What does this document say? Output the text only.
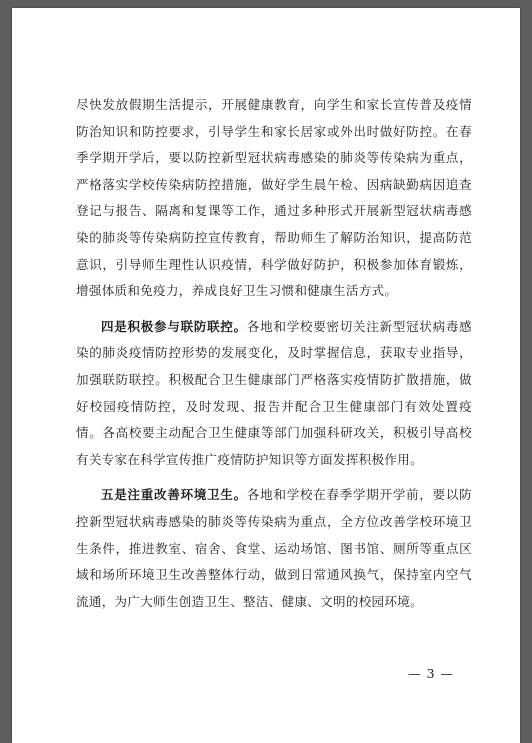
尽快发放假期生活提示，开展健康教育，向学生和家长宣传普及疫情防治知识和防控要求，引导学生和家长居家或外出时做好防控。在春季学期开学后，要以防控新型冠状病毒感染的肺炎等传染病为重点，严格落实学校传染病防控措施，做好学生晨午检、因病缺勤病因追查登记与报告、隔离和复课等工作，通过多种形式开展新型冠状病毒感染的肺炎等传染病防控宣传教育，帮助师生了解防治知识，提高防范意识，引导师生理性认识疫情，科学做好防护，积极参加体育锻炼，增强体质和免疫力，养成良好卫生习惯和健康生活方式。

四是积极参与联防联控。各地和学校要密切关注新型冠状病毒感染的肺炎疫情防控形势的发展变化，及时掌握信息，获取专业指导，加强联防联控。积极配合卫生健康部门严格落实疫情防扩散措施，做好校园疫情防控，及时发现、报告并配合卫生健康部门有效处置疫情。各高校要主动配合卫生健康等部门加强科研攻关，积极引导高校有关专家在科学宣传推广疫情防护知识等方面发挥积极作用。

五是注重改善环境卫生。各地和学校在春季学期开学前，要以防控新型冠状病毒感染的肺炎等传染病为重点，全方位改善学校环境卫生条件，推进教室、宿舍、食堂、运动场馆、图书馆、厕所等重点区域和场所环境卫生改善整体行动，做到日常通风换气，保持室内空气流通，为广大师生创造卫生、整洁、健康、文明的校园环境。

— 3 —
